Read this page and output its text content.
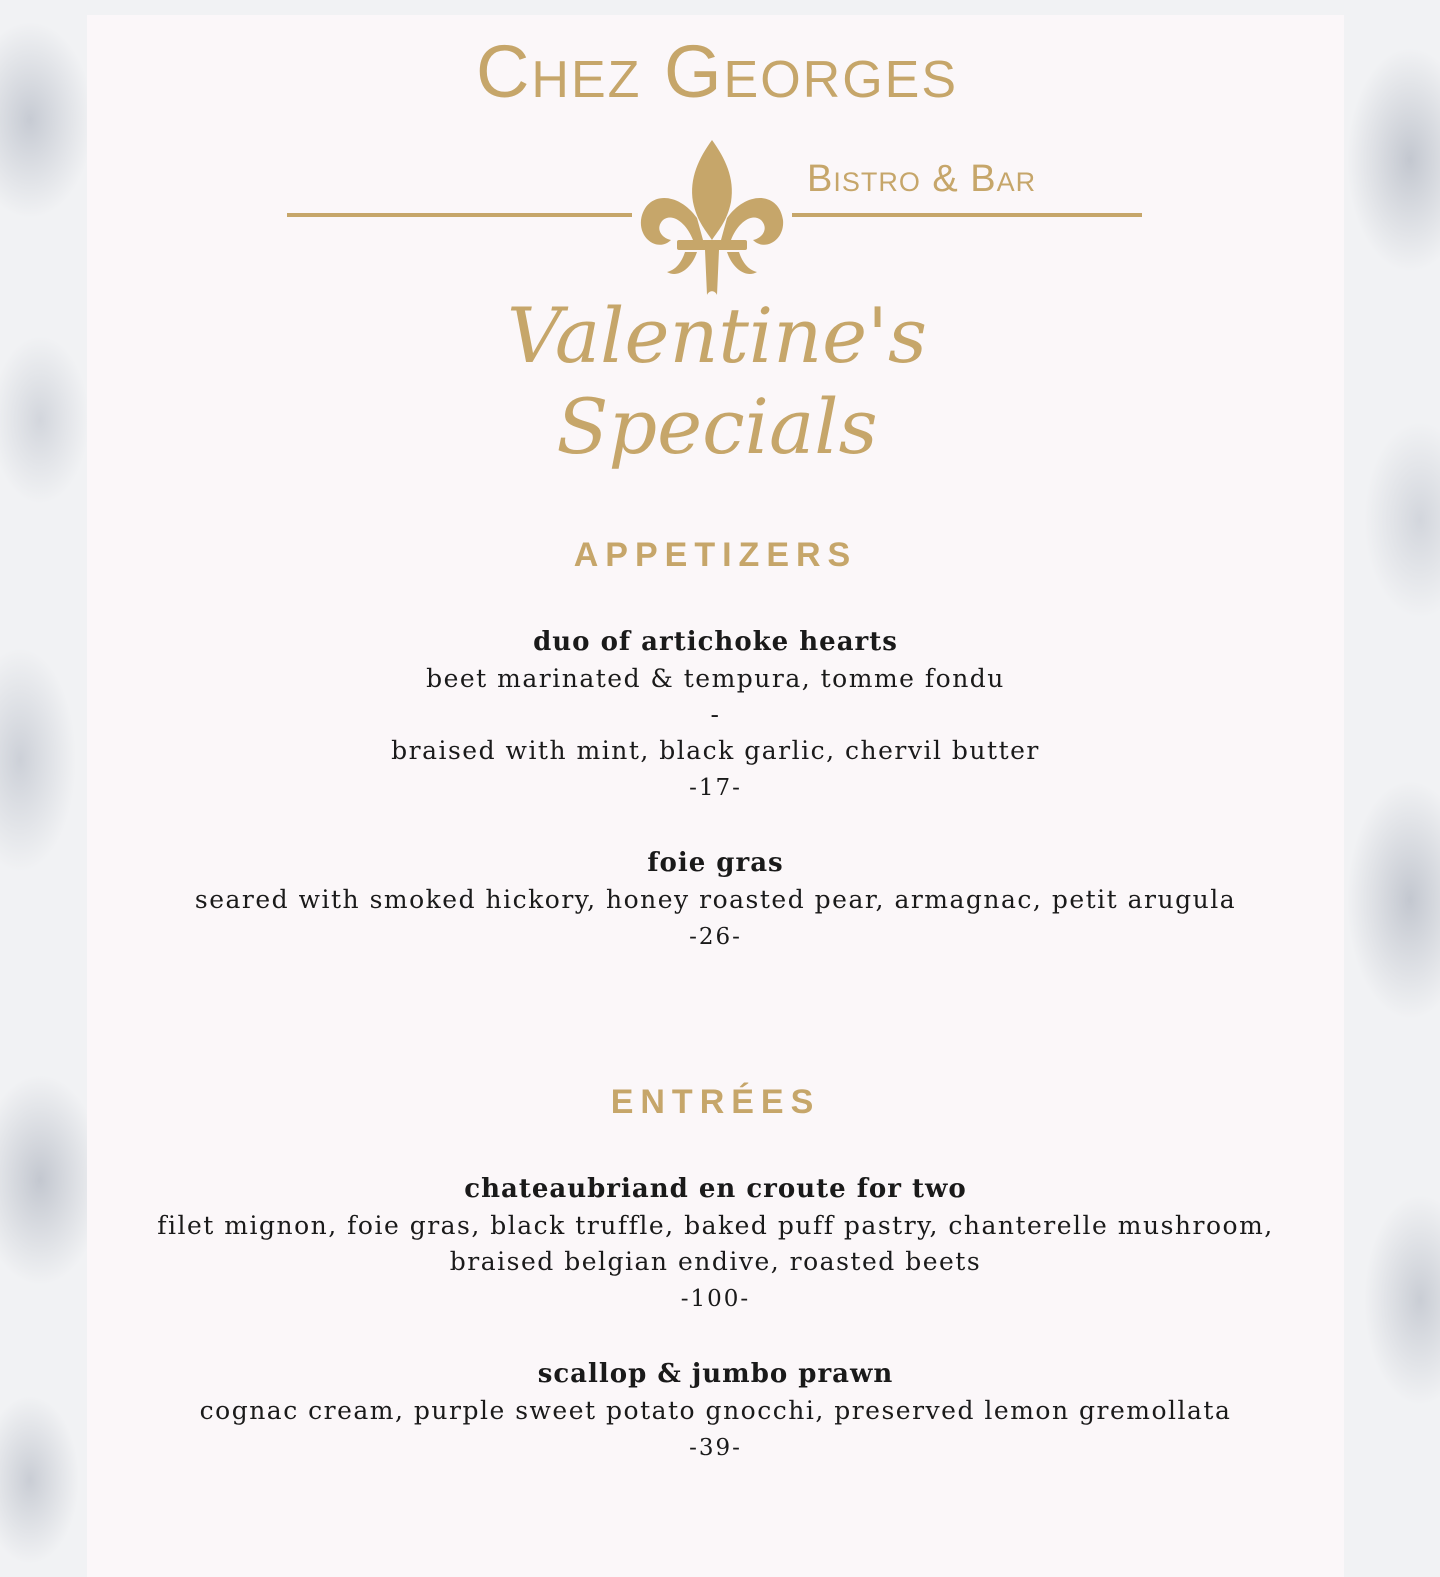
Chez Georges
Bistro & Bar
Valentine's Specials
APPETIZERS
duo of artichoke hearts
beet marinated & tempura, tomme fondu
-
braised with mint, black garlic, chervil butter
-17-
foie gras
seared with smoked hickory, honey roasted pear, armagnac, petit arugula
-26-
ENTRÉES
chateaubriand en croute for two
filet mignon, foie gras, black truffle, baked puff pastry, chanterelle mushroom, braised belgian endive, roasted beets
-100-
scallop & jumbo prawn
cognac cream, purple sweet potato gnocchi, preserved lemon gremollata
-39-
